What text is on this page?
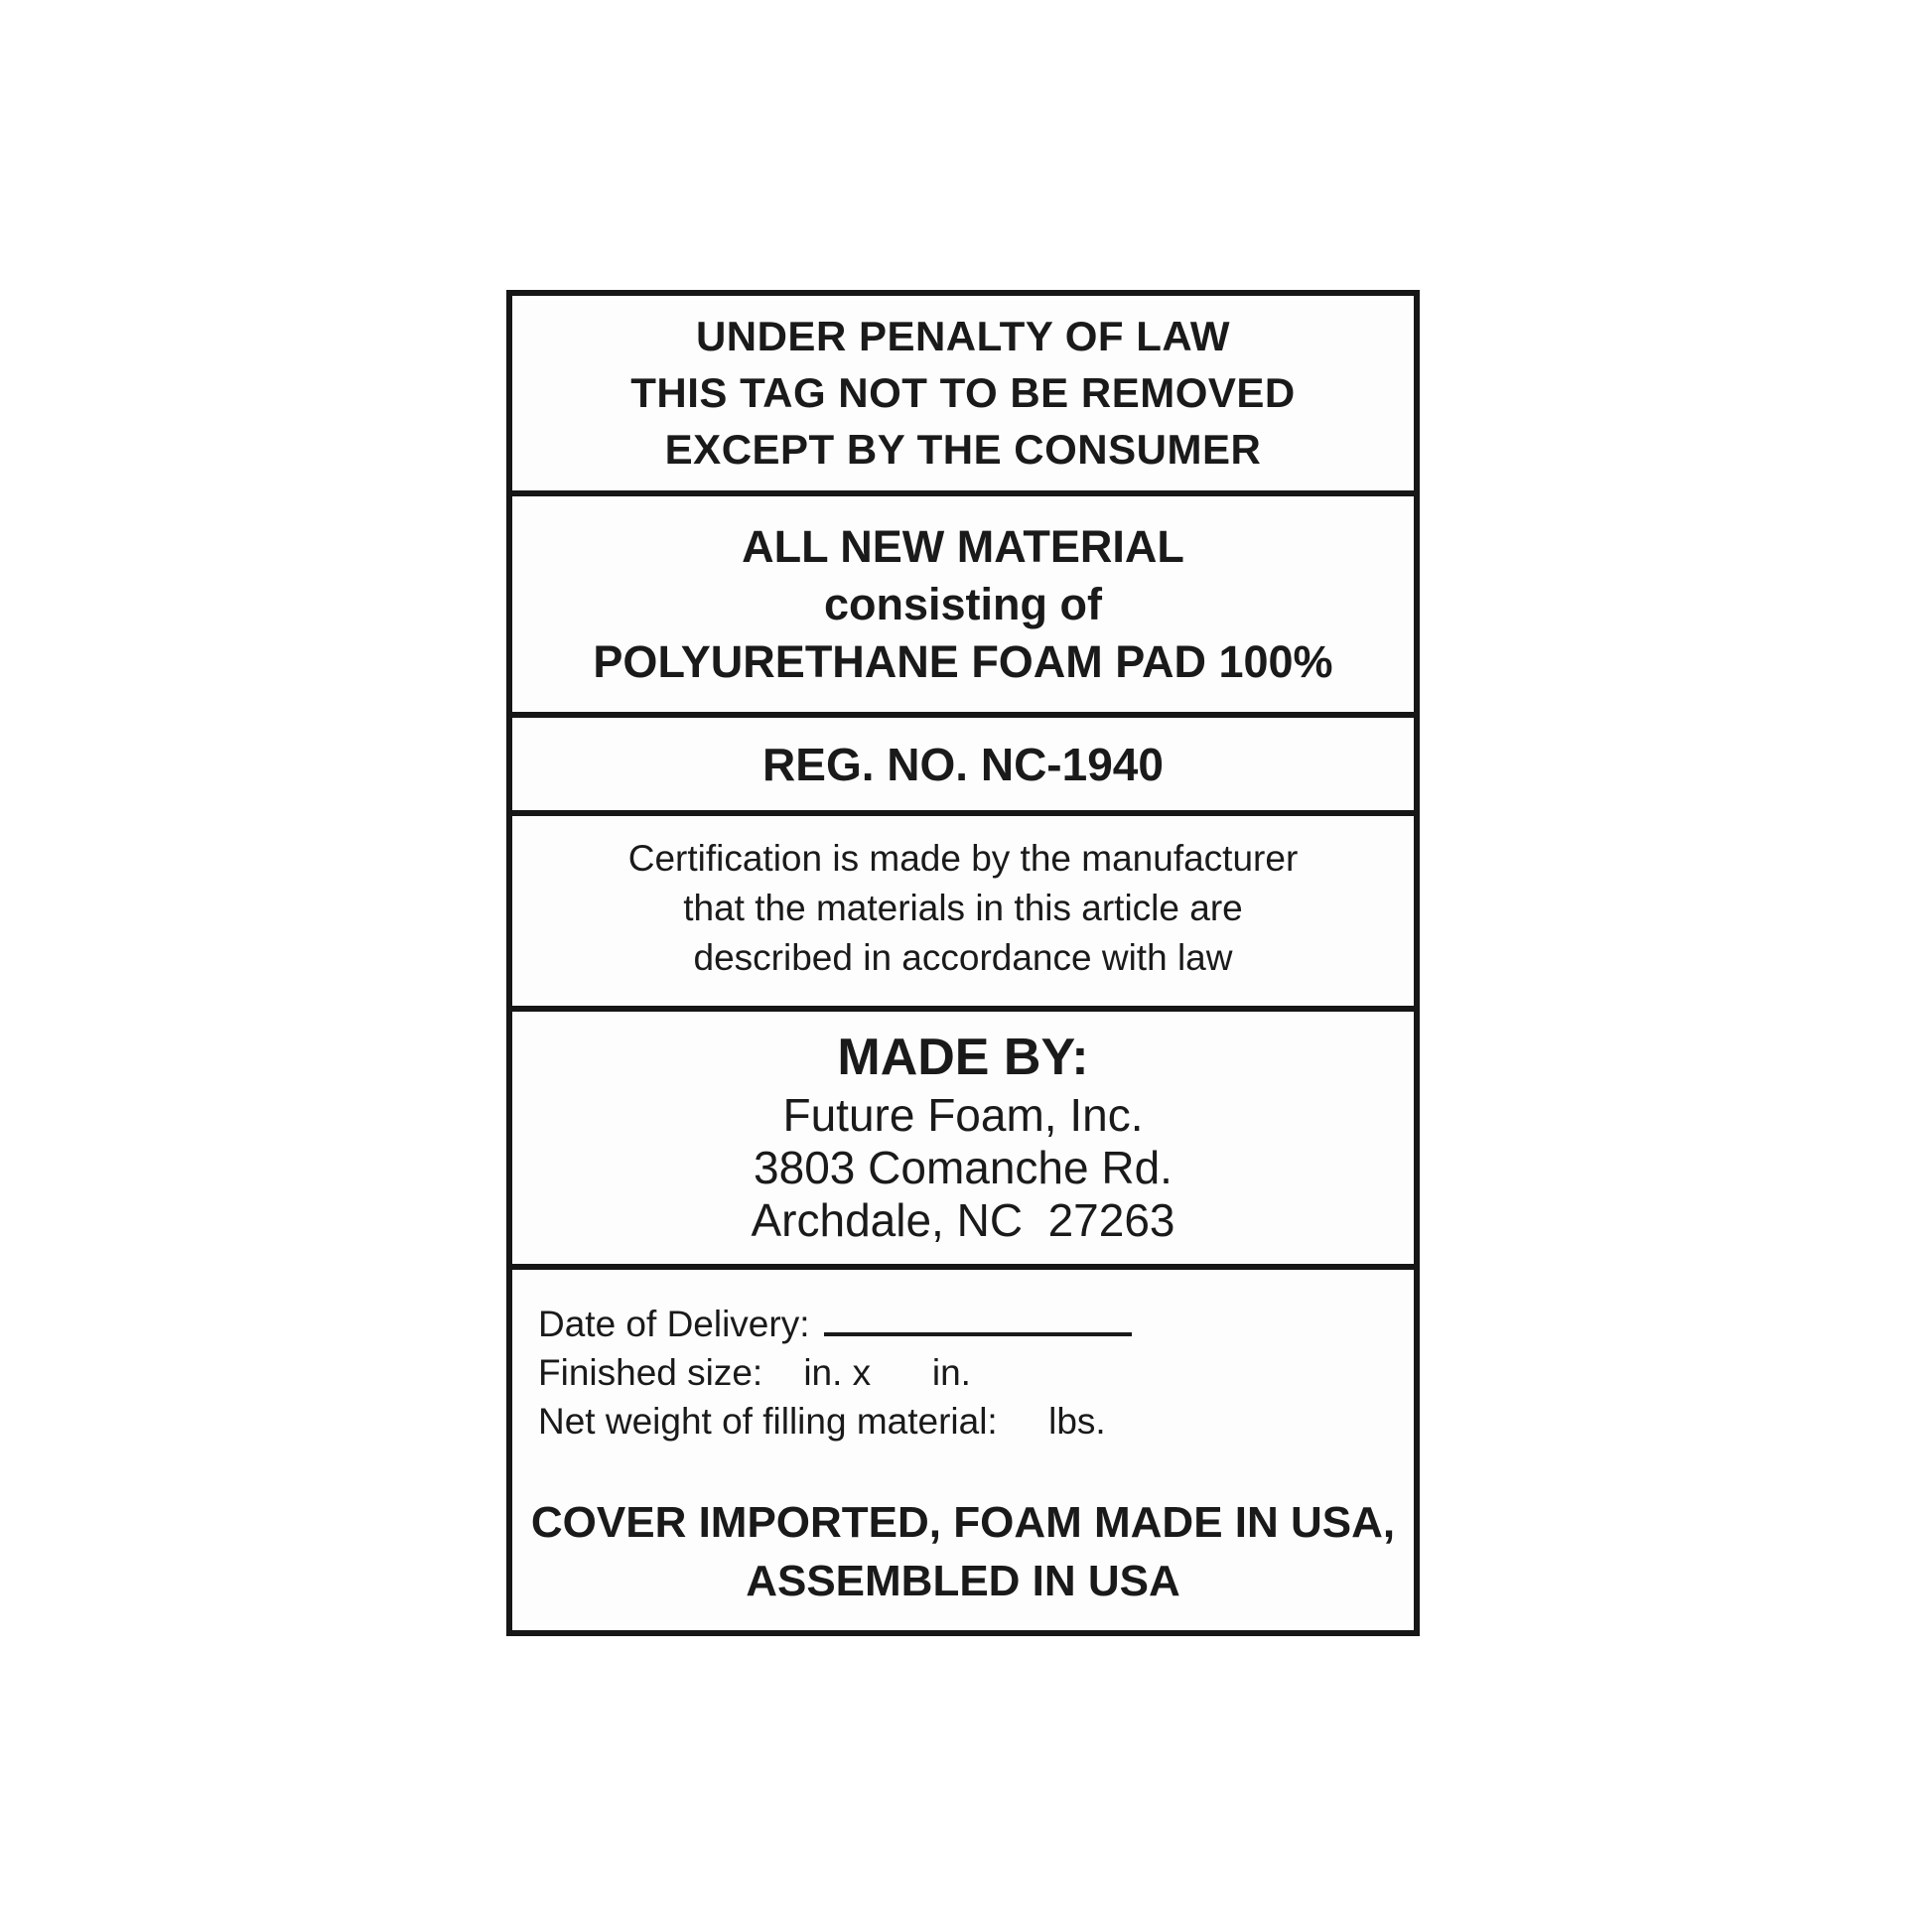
UNDER PENALTY OF LAW
THIS TAG NOT TO BE REMOVED
EXCEPT BY THE CONSUMER
ALL NEW MATERIAL
consisting of
POLYURETHANE FOAM PAD 100%
REG. NO. NC-1940
Certification is made by the manufacturer
that the materials in this article are
described in accordance with law
MADE BY:
Future Foam, Inc.
3803 Comanche Rd.
Archdale, NC  27263
Date of Delivery:
Finished size:    in. x      in.
Net weight of filling material:     lbs.
COVER IMPORTED, FOAM MADE IN USA,
ASSEMBLED IN USA
